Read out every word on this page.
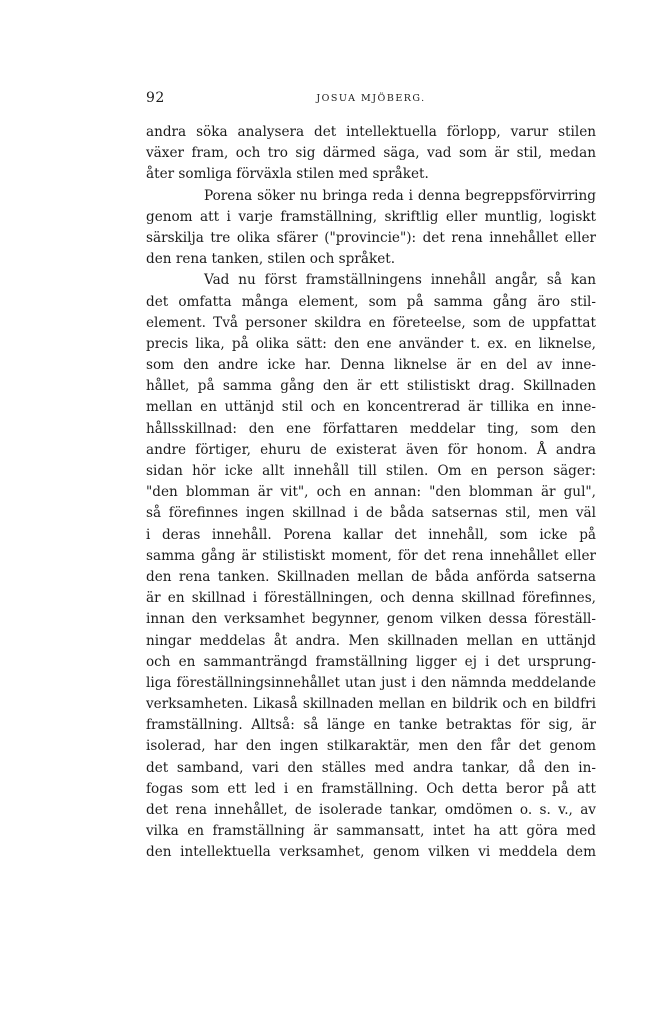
92	JOSUA MJÖBERG.
andra söka analysera det intellektuella förlopp, varur stilen
växer fram, och tro sig därmed säga, vad som är stil, medan
åter somliga förväxla stilen med språket.
Porena söker nu bringa reda i denna begreppsförvirring
genom att i varje framställning, skriftlig eller muntlig, logiskt
särskilja tre olika sfärer ("provincie"): det rena innehållet eller
den rena tanken, stilen och språket.
Vad nu först framställningens innehåll angår, så kan
det omfatta många element, som på samma gång äro stil-
element. Två personer skildra en företeelse, som de uppfattat
precis lika, på olika sätt: den ene använder t. ex. en liknelse,
som den andre icke har. Denna liknelse är en del av inne-
hållet, på samma gång den är ett stilistiskt drag. Skillnaden
mellan en uttänjd stil och en koncentrerad är tillika en inne-
hållsskillnad: den ene författaren meddelar ting, som den
andre förtiger, ehuru de existerat även för honom. Å andra
sidan hör icke allt innehåll till stilen. Om en person säger:
"den blomman är vit", och en annan: "den blomman är gul",
så förefinnes ingen skillnad i de båda satsernas stil, men väl
i deras innehåll. Porena kallar det innehåll, som icke på
samma gång är stilistiskt moment, för det rena innehållet eller
den rena tanken. Skillnaden mellan de båda anförda satserna
är en skillnad i föreställningen, och denna skillnad förefinnes,
innan den verksamhet begynner, genom vilken dessa föreställ-
ningar meddelas åt andra. Men skillnaden mellan en uttänjd
och en sammanträngd framställning ligger ej i det ursprung-
liga föreställningsinnehållet utan just i den nämnda meddelande
verksamheten. Likaså skillnaden mellan en bildrik och en bildfri
framställning. Alltså: så länge en tanke betraktas för sig, är
isolerad, har den ingen stilkaraktär, men den får det genom
det samband, vari den ställes med andra tankar, då den in-
fogas som ett led i en framställning. Och detta beror på att
det rena innehållet, de isolerade tankar, omdömen o. s. v., av
vilka en framställning är sammansatt, intet ha att göra med
den intellektuella verksamhet, genom vilken vi meddela dem
